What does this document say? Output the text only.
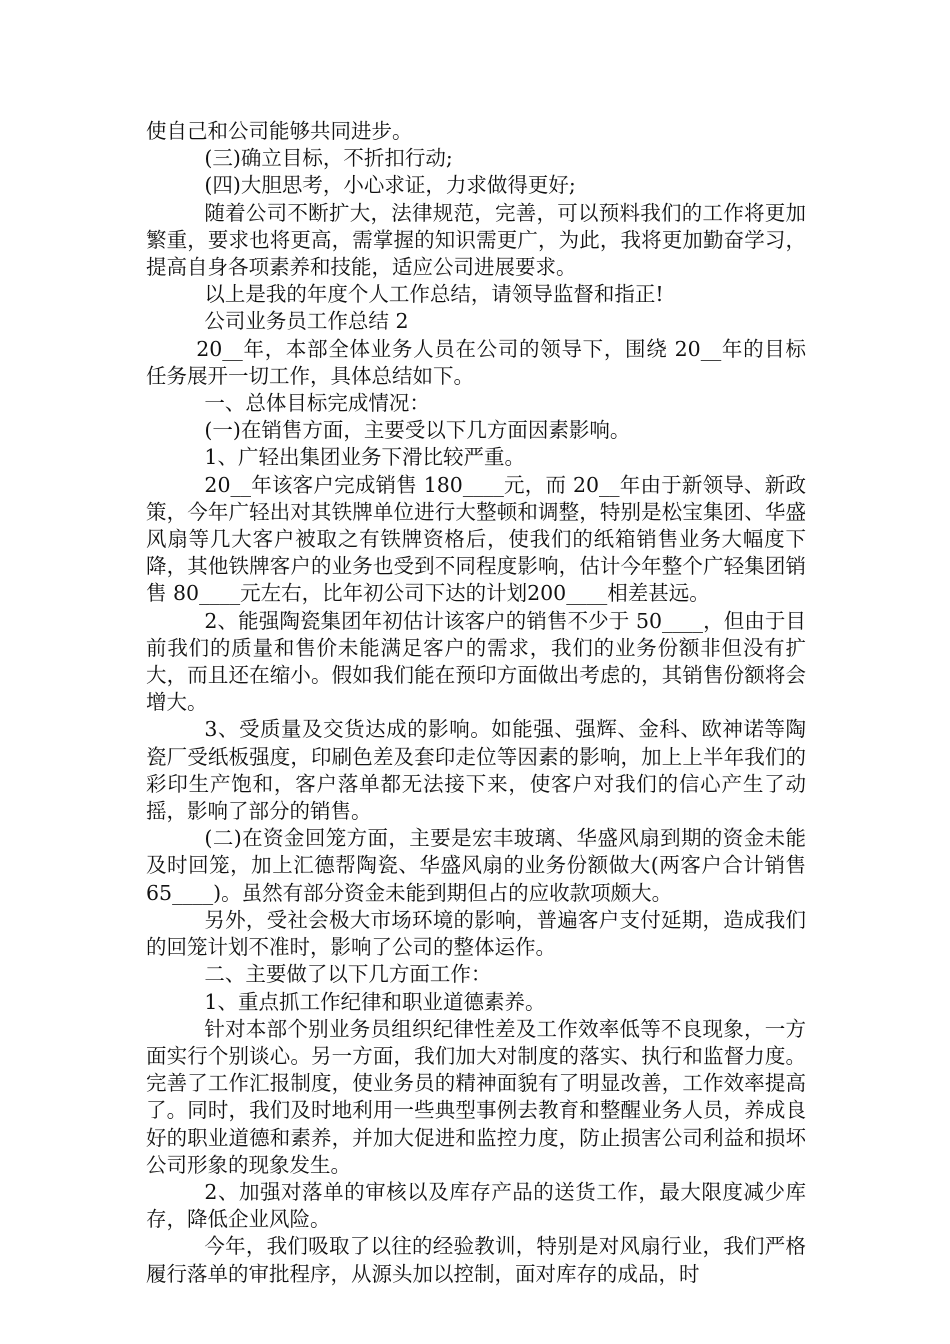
使自己和公司能够共同进步。

(三)确立目标，不折扣行动;

(四)大胆思考，小心求证，力求做得更好;

随着公司不断扩大，法律规范，完善，可以预料我们的工作将更加繁重，要求也将更高，需掌握的知识需更广，为此，我将更加勤奋学习，提高自身各项素养和技能，适应公司进展要求。

以上是我的年度个人工作总结，请领导监督和指正!

公司业务员工作总结 2

20__年，本部全体业务人员在公司的领导下，围绕 20__年的目标任务展开一切工作，具体总结如下。

一、总体目标完成情况：

(一)在销售方面，主要受以下几方面因素影响。

1、广轻出集团业务下滑比较严重。

20__年该客户完成销售 180____元，而 20__年由于新领导、新政策，今年广轻出对其铁牌单位进行大整顿和调整，特别是松宝集团、华盛风扇等几大客户被取之有铁牌资格后，使我们的纸箱销售业务大幅度下降，其他铁牌客户的业务也受到不同程度影响，估计今年整个广轻集团销售 80____元左右，比年初公司下达的计划200____相差甚远。

2、能强陶瓷集团年初估计该客户的销售不少于 50____，但由于目前我们的质量和售价未能满足客户的需求，我们的业务份额非但没有扩大，而且还在缩小。假如我们能在预印方面做出考虑的，其销售份额将会增大。

3、受质量及交货达成的影响。如能强、强辉、金科、欧神诺等陶瓷厂受纸板强度，印刷色差及套印走位等因素的影响，加上上半年我们的彩印生产饱和，客户落单都无法接下来，使客户对我们的信心产生了动摇，影响了部分的销售。

(二)在资金回笼方面，主要是宏丰玻璃、华盛风扇到期的资金未能及时回笼，加上汇德帮陶瓷、华盛风扇的业务份额做大(两客户合计销售 65____)。虽然有部分资金未能到期但占的应收款项颇大。

另外，受社会极大市场环境的影响，普遍客户支付延期，造成我们的回笼计划不准时，影响了公司的整体运作。

二、主要做了以下几方面工作：

1、重点抓工作纪律和职业道德素养。

针对本部个别业务员组织纪律性差及工作效率低等不良现象，一方面实行个别谈心。另一方面，我们加大对制度的落实、执行和监督力度。完善了工作汇报制度，使业务员的精神面貌有了明显改善，工作效率提高了。同时，我们及时地利用一些典型事例去教育和整醒业务人员，养成良好的职业道德和素养，并加大促进和监控力度，防止损害公司利益和损坏公司形象的现象发生。

2、加强对落单的审核以及库存产品的送货工作，最大限度减少库存，降低企业风险。

今年，我们吸取了以往的经验教训，特别是对风扇行业，我们严格履行落单的审批程序，从源头加以控制，面对库存的成品，时
